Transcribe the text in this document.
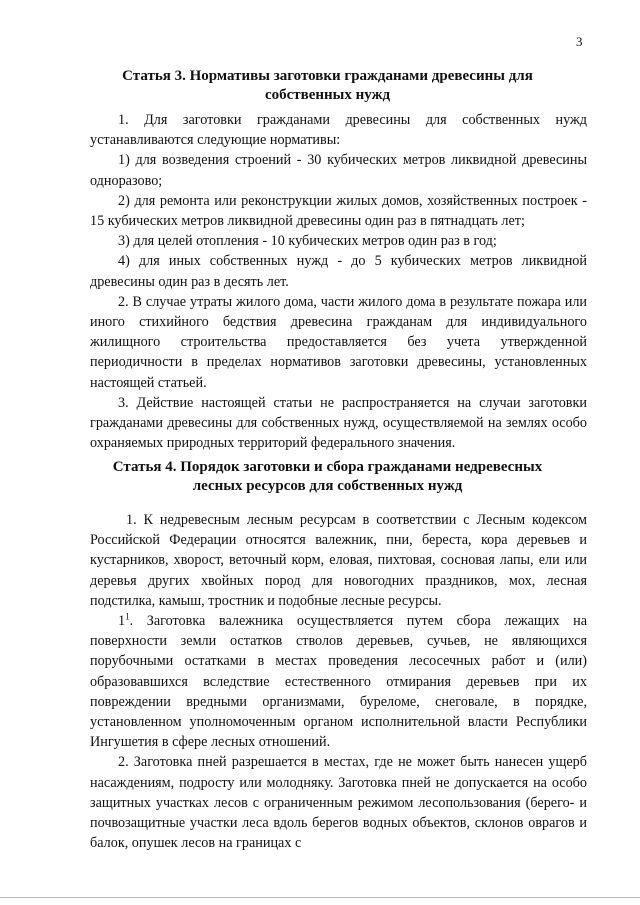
3
Статья 3. Нормативы заготовки гражданами древесины для
собственных нужд

1. Для заготовки гражданами древесины для собственных нужд устанавливаются следующие нормативы:

1) для возведения строений - 30 кубических метров ликвидной древесины одноразово;

2) для ремонта или реконструкции жилых домов, хозяйственных построек - 15 кубических метров ликвидной древесины один раз в пятнадцать лет;

3) для целей отопления - 10 кубических метров один раз в год;

4) для иных собственных нужд - до 5 кубических метров ликвидной древесины один раз в десять лет.

2. В случае утраты жилого дома, части жилого дома в результате пожара или иного стихийного бедствия древесина гражданам для индивидуального жилищного строительства предоставляется без учета утвержденной периодичности в пределах нормативов заготовки древесины, установленных настоящей статьей.

3. Действие настоящей статьи не распространяется на случаи заготовки гражданами древесины для собственных нужд, осуществляемой на землях особо охраняемых природных территорий федерального значения.

Статья 4. Порядок заготовки и сбора гражданами недревесных
лесных ресурсов для собственных нужд

1. К недревесным лесным ресурсам в соответствии с Лесным кодексом Российской Федерации относятся валежник, пни, береста, кора деревьев и кустарников, хворост, веточный корм, еловая, пихтовая, сосновая лапы, ели или деревья других хвойных пород для новогодних праздников, мох, лесная подстилка, камыш, тростник и подобные лесные ресурсы.

$1^1$. Заготовка валежника осуществляется путем сбора лежащих на поверхности земли остатков стволов деревьев, сучьев, не являющихся порубочными остатками в местах проведения лесосечных работ и (или) образовавшихся вследствие естественного отмирания деревьев при их повреждении вредными организмами, буреломе, снеговале, в порядке, установленном уполномоченным органом исполнительной власти Республики Ингушетия в сфере лесных отношений.

2. Заготовка пней разрешается в местах, где не может быть нанесен ущерб насаждениям, подросту или молодняку. Заготовка пней не допускается на особо защитных участках лесов с ограниченным режимом лесопользования (берего- и почвозащитные участки леса вдоль берегов водных объектов, склонов оврагов и балок, опушек лесов на границах с
